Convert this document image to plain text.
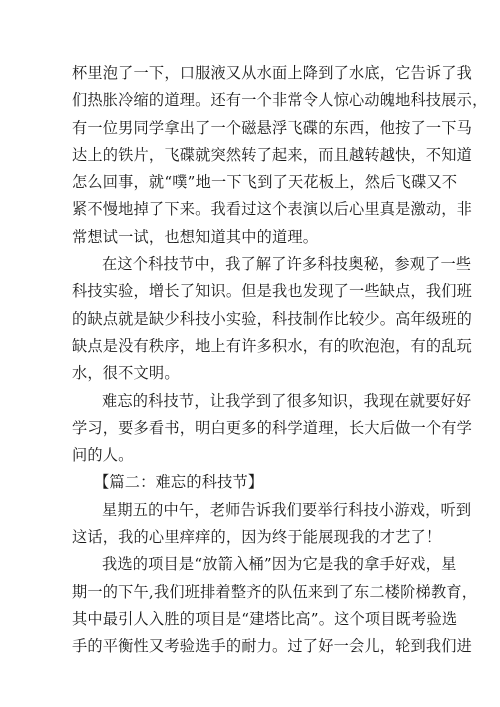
杯里泡了一下，口服液又从水面上降到了水底，它告诉了我
们热胀冷缩的道理。还有一个非常令人惊心动魄地科技展示，
有一位男同学拿出了一个磁悬浮飞碟的东西，他按了一下马
达上的铁片，飞碟就突然转了起来，而且越转越快，不知道
怎么回事，就“噗”地一下飞到了天花板上，然后飞碟又不
紧不慢地掉了下来。我看过这个表演以后心里真是激动，非
常想试一试，也想知道其中的道理。
在这个科技节中，我了解了许多科技奥秘，参观了一些
科技实验，增长了知识。但是我也发现了一些缺点，我们班
的缺点就是缺少科技小实验，科技制作比较少。高年级班的
缺点是没有秩序，地上有许多积水，有的吹泡泡，有的乱玩
水，很不文明。
难忘的科技节，让我学到了很多知识，我现在就要好好
学习，要多看书，明白更多的科学道理，长大后做一个有学
问的人。
【篇二：难忘的科技节】
星期五的中午，老师告诉我们要举行科技小游戏，听到
这话，我的心里痒痒的，因为终于能展现我的才艺了！
我选的项目是“放箭入桶”因为它是我的拿手好戏，星
期一的下午,我们班排着整齐的队伍来到了东二楼阶梯教育，
其中最引人入胜的项目是“建塔比高”。这个项目既考验选
手的平衡性又考验选手的耐力。过了好一会儿，轮到我们进
